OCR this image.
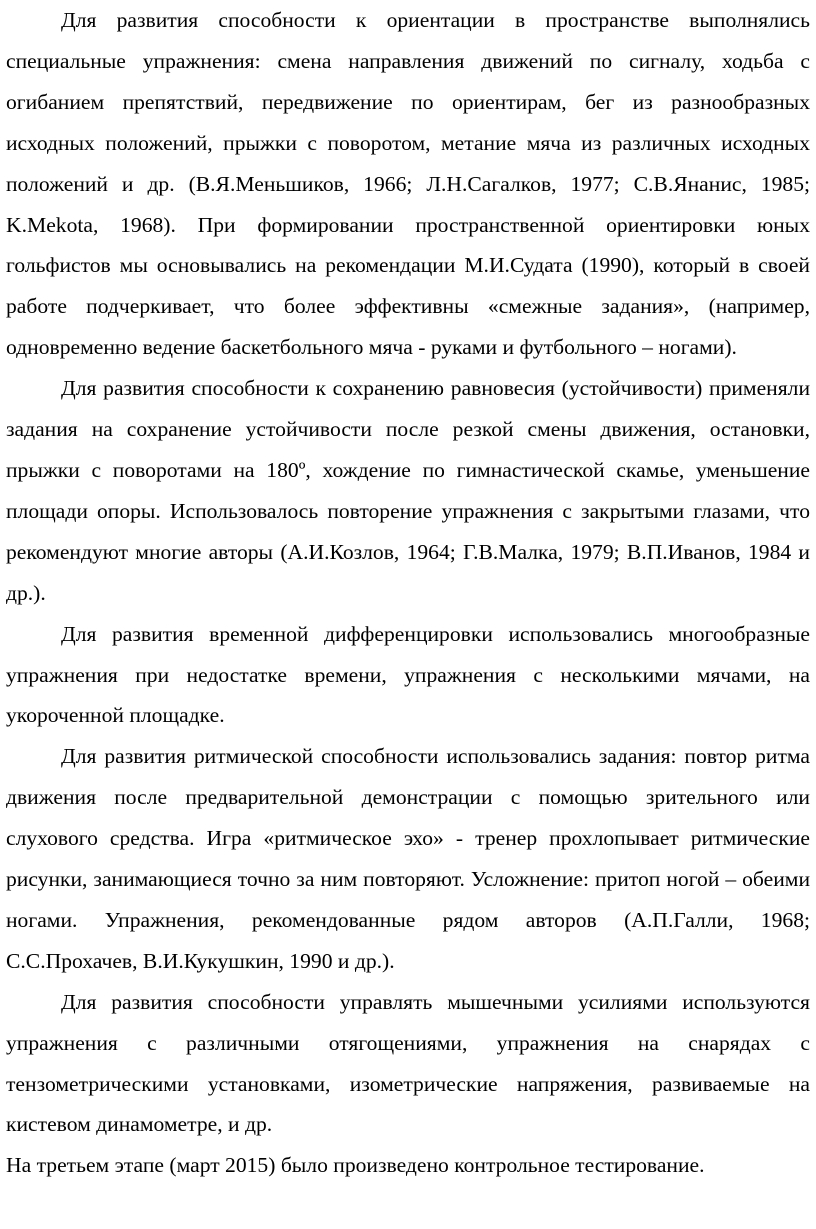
Для развития способности к ориентации в пространстве выполнялись специальные упражнения: смена направления движений по сигналу, ходьба с огибанием препятствий, передвижение по ориентирам, бег из разнообразных исходных положений, прыжки с поворотом, метание мяча из различных исходных положений и др. (В.Я.Меньшиков, 1966; Л.Н.Сагалков, 1977; С.В.Янанис, 1985; K.Mekota, 1968). При формировании пространственной ориентировки юных гольфистов мы основывались на рекомендации М.И.Судата (1990), который в своей работе подчеркивает, что более эффективны «смежные задания», (например, одновременно ведение баскетбольного мяча - руками и футбольного – ногами).

Для развития способности к сохранению равновесия (устойчивости) применяли задания на сохранение устойчивости после резкой смены движения, остановки, прыжки с поворотами на 180º, хождение по гимнастической скамье, уменьшение площади опоры. Использовалось повторение упражнения с закрытыми глазами, что рекомендуют многие авторы (А.И.Козлов, 1964; Г.В.Малка, 1979; В.П.Иванов, 1984 и др.).

Для развития временной дифференцировки использовались многообразные упражнения при недостатке времени, упражнения с несколькими мячами, на укороченной площадке.

Для развития ритмической способности использовались задания: повтор ритма движения после предварительной демонстрации с помощью зрительного или слухового средства. Игра «ритмическое эхо» - тренер прохлопывает ритмические рисунки, занимающиеся точно за ним повторяют. Усложнение: притоп ногой – обеими ногами. Упражнения, рекомендованные рядом авторов (А.П.Галли, 1968; С.С.Прохачев, В.И.Кукушкин, 1990 и др.).

Для развития способности управлять мышечными усилиями используются упражнения с различными отягощениями, упражнения на снарядах с тензометрическими установками, изометрические напряжения, развиваемые на кистевом динамометре, и др.

На третьем этапе (март 2015) было произведено контрольное тестирование.
